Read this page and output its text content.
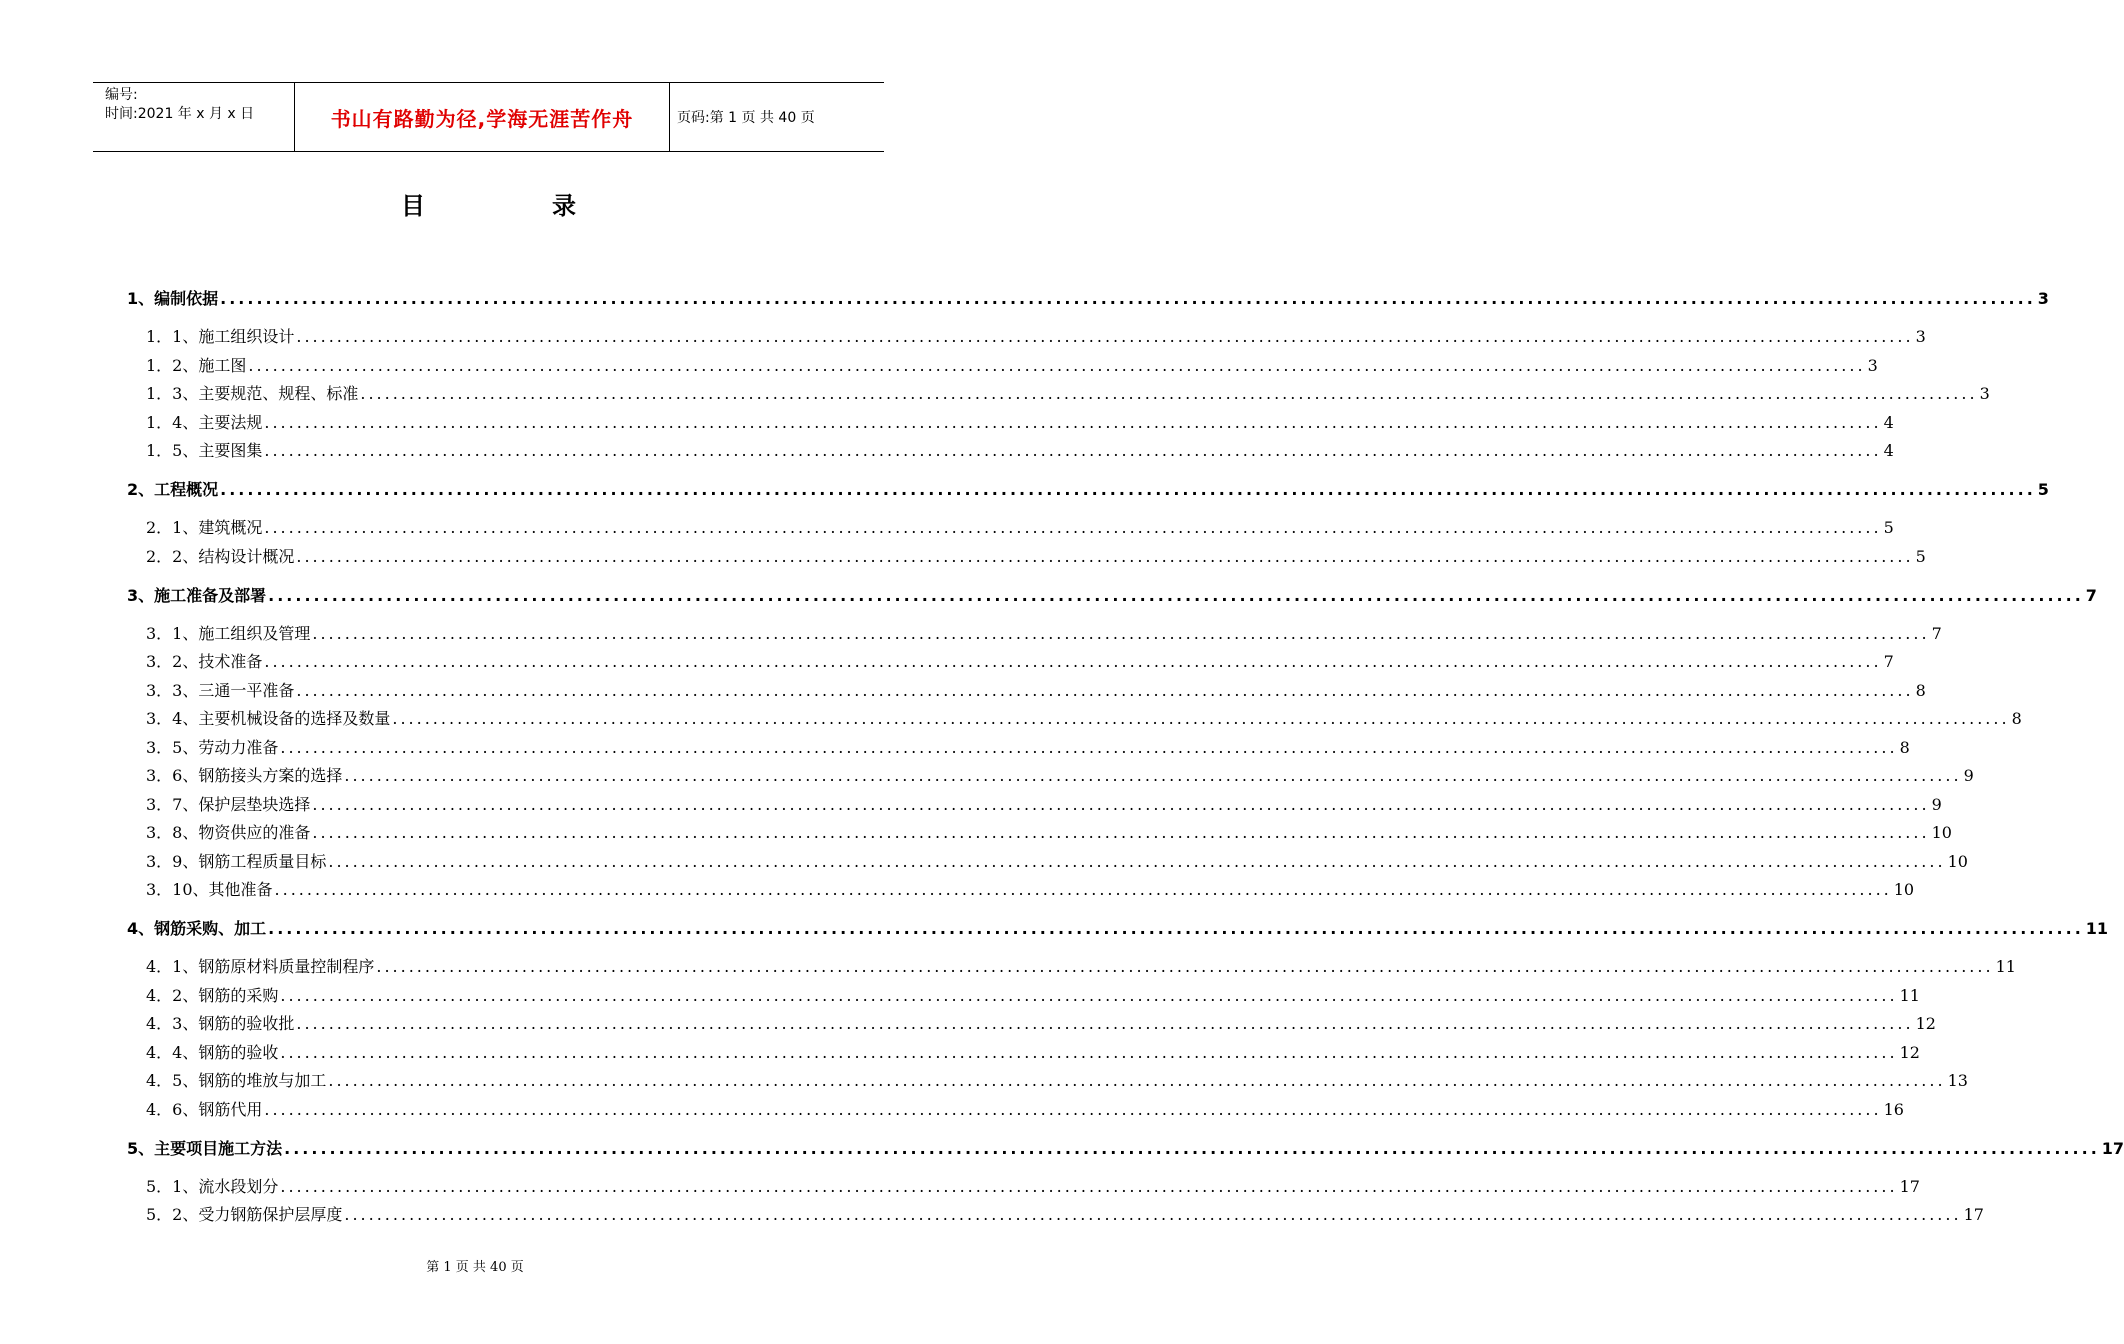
编号:
时间:2021 年 x 月 x 日	书山有路勤为径,学海无涯苦作舟	页码:第 1 页 共 40 页
目	录
1、编制依据 ........................................................................................................................................................................................................ 3
1．1、施工组织设计 ........................................................................................................................................................................................................ 3
1．2、施工图 ........................................................................................................................................................................................................ 3
1．3、主要规范、规程、标准 ........................................................................................................................................................................................................ 3
1．4、主要法规 ........................................................................................................................................................................................................ 4
1．5、主要图集 ........................................................................................................................................................................................................ 4
2、工程概况 ........................................................................................................................................................................................................ 5
2．1、建筑概况 ........................................................................................................................................................................................................ 5
2．2、结构设计概况 ........................................................................................................................................................................................................ 5
3、施工准备及部署 ........................................................................................................................................................................................................ 7
3．1、施工组织及管理 ........................................................................................................................................................................................................ 7
3．2、技术准备 ........................................................................................................................................................................................................ 7
3．3、三通一平准备 ........................................................................................................................................................................................................ 8
3．4、主要机械设备的选择及数量 ........................................................................................................................................................................................................ 8
3．5、劳动力准备 ........................................................................................................................................................................................................ 8
3．6、钢筋接头方案的选择 ........................................................................................................................................................................................................ 9
3．7、保护层垫块选择 ........................................................................................................................................................................................................ 9
3．8、物资供应的准备 ........................................................................................................................................................................................................ 10
3．9、钢筋工程质量目标 ........................................................................................................................................................................................................ 10
3．10、其他准备 ........................................................................................................................................................................................................ 10
4、钢筋采购、加工 ........................................................................................................................................................................................................ 11
4．1、钢筋原材料质量控制程序 ........................................................................................................................................................................................................ 11
4．2、钢筋的采购 ........................................................................................................................................................................................................ 11
4．3、钢筋的验收批 ........................................................................................................................................................................................................ 12
4．4、钢筋的验收 ........................................................................................................................................................................................................ 12
4．5、钢筋的堆放与加工 ........................................................................................................................................................................................................ 13
4．6、钢筋代用 ........................................................................................................................................................................................................ 16
5、主要项目施工方法 ........................................................................................................................................................................................................ 17
5．1、流水段划分 ........................................................................................................................................................................................................ 17
5．2、受力钢筋保护层厚度 ........................................................................................................................................................................................................ 17
第 1 页 共 40 页
